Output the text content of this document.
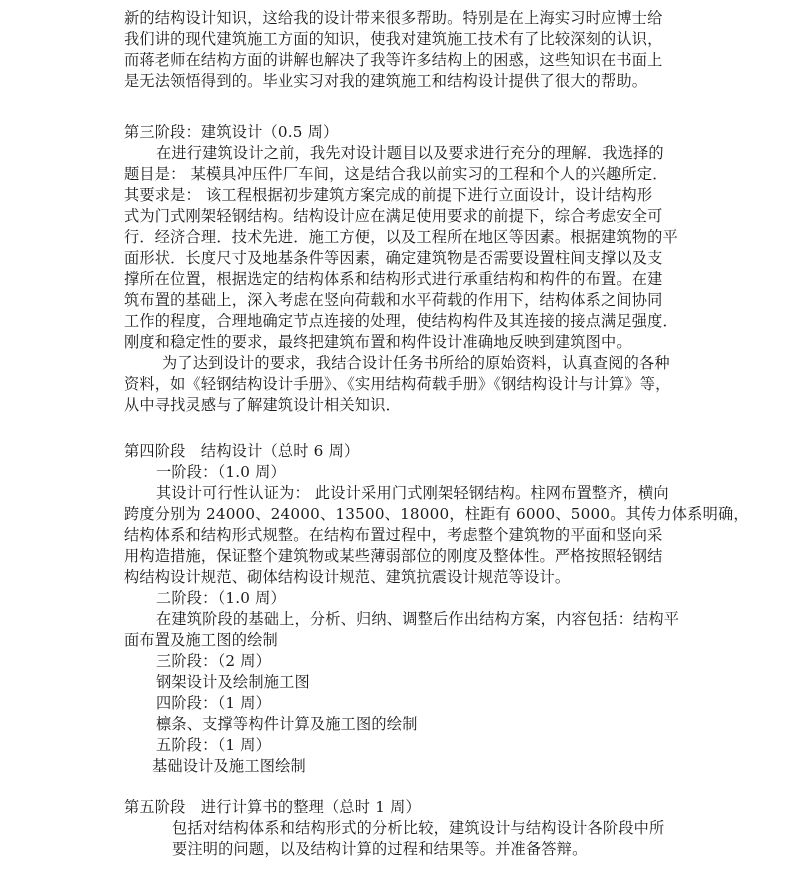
新的结构设计知识，这给我的设计带来很多帮助。特别是在上海实习时应博士给
我们讲的现代建筑施工方面的知识，使我对建筑施工技术有了比较深刻的认识，
而蒋老师在结构方面的讲解也解决了我等许多结构上的困惑，这些知识在书面上
是无法领悟得到的。毕业实习对我的建筑施工和结构设计提供了很大的帮助。
第三阶段：建筑设计（0.5 周）
在进行建筑设计之前，我先对设计题目以及要求进行充分的理解．我选择的
题目是： 某模具冲压件厂车间，这是结合我以前实习的工程和个人的兴趣所定．
其要求是： 该工程根据初步建筑方案完成的前提下进行立面设计，设计结构形
式为门式刚架轻钢结构。结构设计应在满足使用要求的前提下，综合考虑安全可
行．经济合理．技术先进．施工方便，以及工程所在地区等因素。根据建筑物的平
面形状．长度尺寸及地基条件等因素，确定建筑物是否需要设置柱间支撑以及支
撑所在位置，根据选定的结构体系和结构形式进行承重结构和构件的布置。在建
筑布置的基础上，深入考虑在竖向荷载和水平荷载的作用下，结构体系之间协同
工作的程度，合理地确定节点连接的处理，使结构构件及其连接的接点满足强度．
刚度和稳定性的要求，最终把建筑布置和构件设计准确地反映到建筑图中。
为了达到设计的要求，我结合设计任务书所给的原始资料，认真查阅的各种
资料，如《轻钢结构设计手册》、《实用结构荷载手册》《钢结构设计与计算》等，
从中寻找灵感与了解建筑设计相关知识．
第四阶段　结构设计（总时 6 周）
一阶段：（1.0 周）
其设计可行性认证为： 此设计采用门式刚架轻钢结构。柱网布置整齐，横向
跨度分别为 24000、24000、13500、18000，柱距有 6000、5000。其传力体系明确，
结构体系和结构形式规整。在结构布置过程中，考虑整个建筑物的平面和竖向采
用构造措施，保证整个建筑物或某些薄弱部位的刚度及整体性。严格按照轻钢结
构结构设计规范、砌体结构设计规范、建筑抗震设计规范等设计。
二阶段：（1.0 周）
在建筑阶段的基础上，分析、归纳、调整后作出结构方案，内容包括：结构平
面布置及施工图的绘制
三阶段：（2 周）
钢架设计及绘制施工图
四阶段：（1 周）
檩条、支撑等构件计算及施工图的绘制
五阶段：（1 周）
基础设计及施工图绘制
第五阶段　进行计算书的整理（总时 1 周）
包括对结构体系和结构形式的分析比较，建筑设计与结构设计各阶段中所
要注明的问题，以及结构计算的过程和结果等。并准备答辩。
